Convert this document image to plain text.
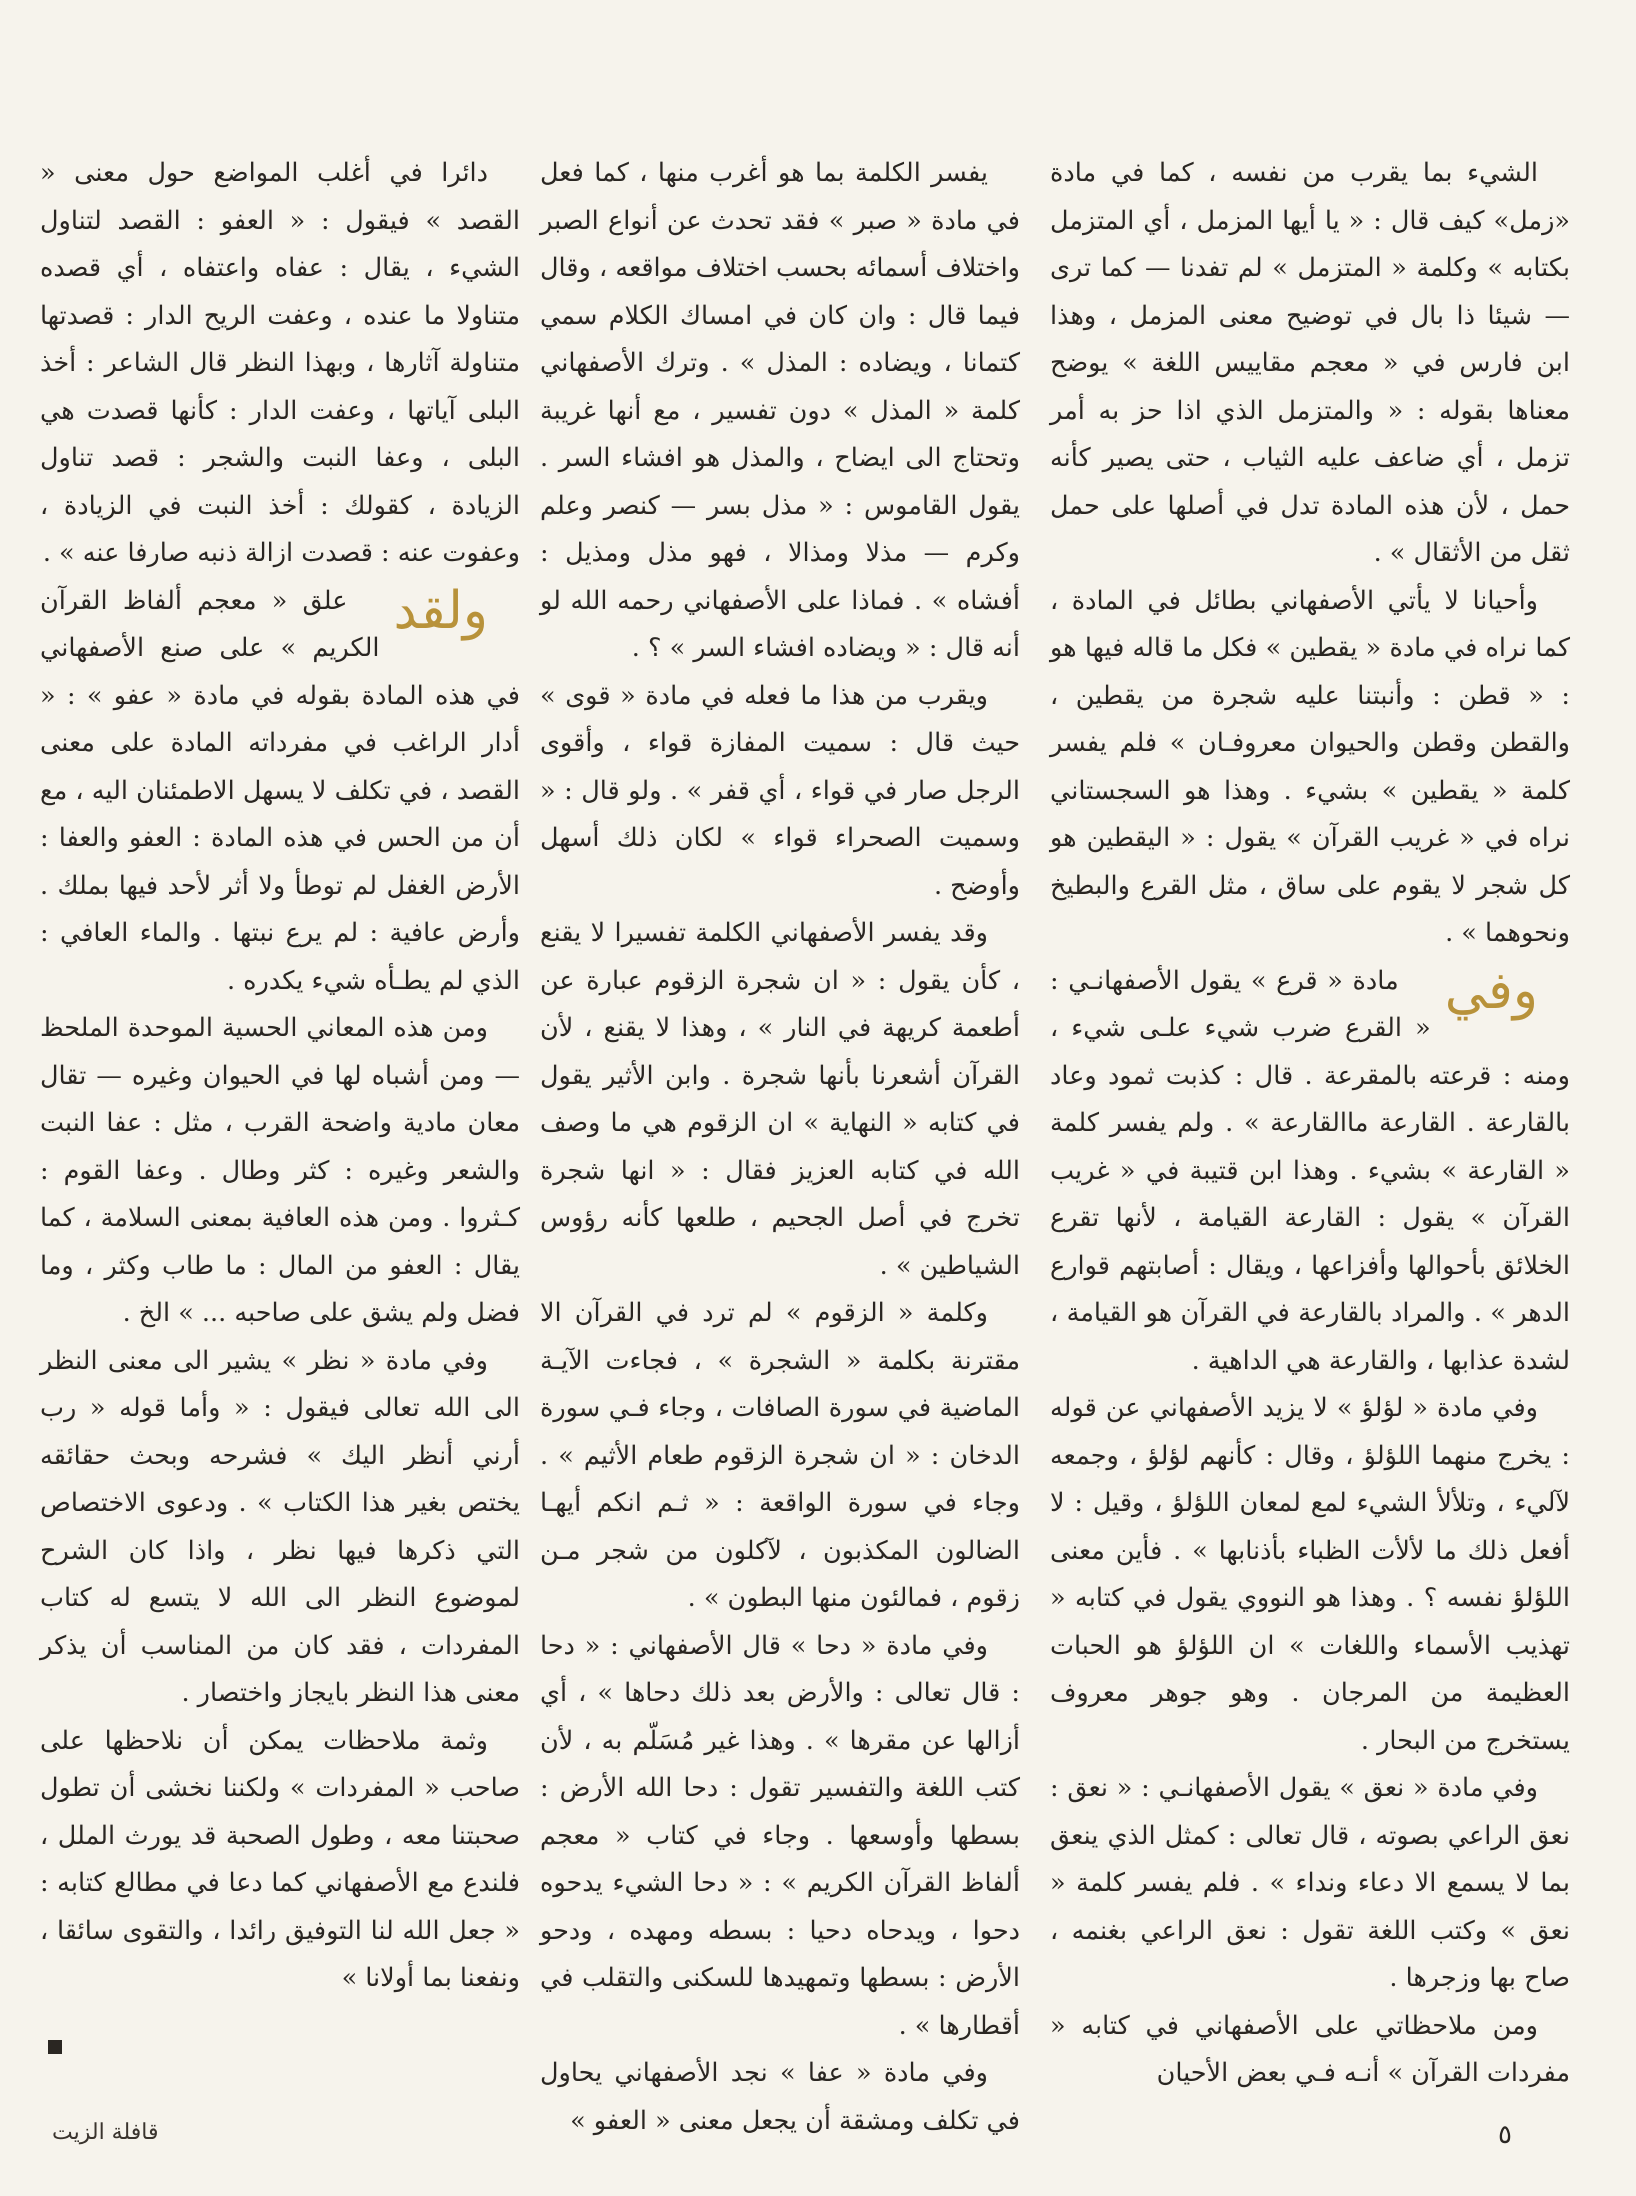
الشيء بما يقرب من نفسه ، كما في مادة «زمل» كيف قال : « يا أيها المزمل ، أي المتزمل بكتابه » وكلمة « المتزمل » لم تفدنا — كما ترى — شيئا ذا بال في توضيح معنى المزمل ، وهذا ابن فارس في « معجم مقاييس اللغة » يوضح معناها بقوله : « والمتزمل الذي اذا حز به أمر تزمل ، أي ضاعف عليه الثياب ، حتى يصير كأنه حمل ، لأن هذه المادة تدل في أصلها على حمل ثقل من الأثقال » .

وأحيانا لا يأتي الأصفهاني بطائل في المادة ، كما نراه في مادة « يقطين » فكل ما قاله فيها هو : « قطن : وأنبتنا عليه شجرة من يقطين ، والقطن وقطن والحيوان معروفـان » فلم يفسر كلمة « يقطين » بشيء . وهذا هو السجستاني نراه في « غريب القرآن » يقول : « اليقطين هو كل شجر لا يقوم على ساق ، مثل القرع والبطيخ ونحوهما » .

وفي
مادة « قرع » يقول الأصفهانـي : « القرع ضرب شيء علـى شيء ، ومنه : قرعته بالمقرعة . قال : كذبت ثمود وعاد بالقارعة . القارعة ماالقارعة » . ولم يفسر كلمة « القارعة » بشيء . وهذا ابن قتيبة في « غريب القرآن » يقول : القارعة القيامة ، لأنها تقرع الخلائق بأحوالها وأفزاعها ، ويقال : أصابتهم قوارع الدهر » . والمراد بالقارعة في القرآن هو القيامة ، لشدة عذابها ، والقارعة هي الداهية .

وفي مادة « لؤلؤ » لا يزيد الأصفهاني عن قوله : يخرج منهما اللؤلؤ ، وقال : كأنهم لؤلؤ ، وجمعه لآليء ، وتلألأ الشيء لمع لمعان اللؤلؤ ، وقيل : لا أفعل ذلك ما لألأت الظباء بأذنابها » . فأين معنى اللؤلؤ نفسه ؟ . وهذا هو النووي يقول في كتابه « تهذيب الأسماء واللغات » ان اللؤلؤ هو الحبات العظيمة من المرجان . وهو جوهر معروف يستخرج من البحار .

وفي مادة « نعق » يقول الأصفهانـي : « نعق : نعق الراعي بصوته ، قال تعالى : كمثل الذي ينعق بما لا يسمع الا دعاء ونداء » . فلم يفسر كلمة « نعق » وكتب اللغة تقول : نعق الراعي بغنمه ، صاح بها وزجرها .

ومن ملاحظاتي على الأصفهاني في كتابه « مفردات القرآن » أنـه فـي بعض الأحيان

يفسر الكلمة بما هو أغرب منها ، كما فعل في مادة « صبر » فقد تحدث عن أنواع الصبر واختلاف أسمائه بحسب اختلاف مواقعه ، وقال فيما قال : وان كان في امساك الكلام سمي كتمانا ، ويضاده : المذل » . وترك الأصفهاني كلمة « المذل » دون تفسير ، مع أنها غريبة وتحتاج الى ايضاح ، والمذل هو افشاء السر . يقول القاموس : « مذل بسر — كنصر وعلم وكرم — مذلا ومذالا ، فهو مذل ومذيل : أفشاه » . فماذا على الأصفهاني رحمه الله لو أنه قال : « ويضاده افشاء السر » ؟ .

ويقرب من هذا ما فعله في مادة « قوى » حيث قال : سميت المفازة قواء ، وأقوى الرجل صار في قواء ، أي قفر » . ولو قال : « وسميت الصحراء قواء » لكان ذلك أسهل وأوضح .

وقد يفسر الأصفهاني الكلمة تفسيرا لا يقنع ، كأن يقول : « ان شجرة الزقوم عبارة عن أطعمة كريهة في النار » ، وهذا لا يقنع ، لأن القرآن أشعرنا بأنها شجرة . وابن الأثير يقول في كتابه « النهاية » ان الزقوم هي ما وصف الله في كتابه العزيز فقال : « انها شجرة تخرج في أصل الجحيم ، طلعها كأنه رؤوس الشياطين » .

وكلمة « الزقوم » لم ترد في القرآن الا مقترنة بكلمة « الشجرة » ، فجاءت الآيـة الماضية في سورة الصافات ، وجاء فـي سورة الدخان : « ان شجرة الزقوم طعام الأثيم » . وجاء في سورة الواقعة : « ثـم انكم أيهـا الضالون المكذبون ، لآكلون من شجر مـن زقوم ، فمالئون منها البطون » .

وفي مادة « دحا » قال الأصفهاني : « دحا : قال تعالى : والأرض بعد ذلك دحاها » ، أي أزالها عن مقرها » . وهذا غير مُسَلّم به ، لأن كتب اللغة والتفسير تقول : دحا الله الأرض : بسطها وأوسعها . وجاء في كتاب « معجم ألفاظ القرآن الكريم » : « دحا الشيء يدحوه دحوا ، ويدحاه دحيا : بسطه ومهده ، ودحو الأرض : بسطها وتمهيدها للسكنى والتقلب في أقطارها » .

وفي مادة « عفا » نجد الأصفهاني يحاول في تكلف ومشقة أن يجعل معنى « العفو »

دائرا في أغلب المواضع حول معنى « القصد » فيقول : « العفو : القصد لتناول الشيء ، يقال : عفاه واعتفاه ، أي قصده متناولا ما عنده ، وعفت الريح الدار : قصدتها متناولة آثارها ، وبهذا النظر قال الشاعر : أخذ البلى آياتها ، وعفت الدار : كأنها قصدت هي البلى ، وعفا النبت والشجر : قصد تناول الزيادة ، كقولك : أخذ النبت في الزيادة ، وعفوت عنه : قصدت ازالة ذنبه صارفا عنه » .

ولقد
علق « معجم ألفاظ القرآن الكريم » على صنع الأصفهاني في هذه المادة بقوله في مادة « عفو » : « أدار الراغب في مفرداته المادة على معنى القصد ، في تكلف لا يسهل الاطمئنان اليه ، مع أن من الحس في هذه المادة : العفو والعفا : الأرض الغفل لم توطأ ولا أثر لأحد فيها بملك . وأرض عافية : لم يرع نبتها . والماء العافي : الذي لم يطـأه شيء يكدره .

ومن هذه المعاني الحسية الموحدة الملحظ — ومن أشباه لها في الحيوان وغيره — تقال معان مادية واضحة القرب ، مثل : عفا النبت والشعر وغيره : كثر وطال . وعفا القوم : كـثروا . ومن هذه العافية بمعنى السلامة ، كما يقال : العفو من المال : ما طاب وكثر ، وما فضل ولم يشق على صاحبه ... » الخ .

وفي مادة « نظر » يشير الى معنى النظر الى الله تعالى فيقول : « وأما قوله « رب أرني أنظر اليك » فشرحه وبحث حقائقه يختص بغير هذا الكتاب » . ودعوى الاختصاص التي ذكرها فيها نظر ، واذا كان الشرح لموضوع النظر الى الله لا يتسع له كتاب المفردات ، فقد كان من المناسب أن يذكر معنى هذا النظر بايجاز واختصار .

وثمة ملاحظات يمكن أن نلاحظها على صاحب « المفردات » ولكننا نخشى أن تطول صحبتنا معه ، وطول الصحبة قد يورث الملل ، فلندع مع الأصفهاني كما دعا في مطالع كتابه : « جعل الله لنا التوفيق رائدا ، والتقوى سائقا ، ونفعنا بما أولانا »

٥
قافلة الزيت
